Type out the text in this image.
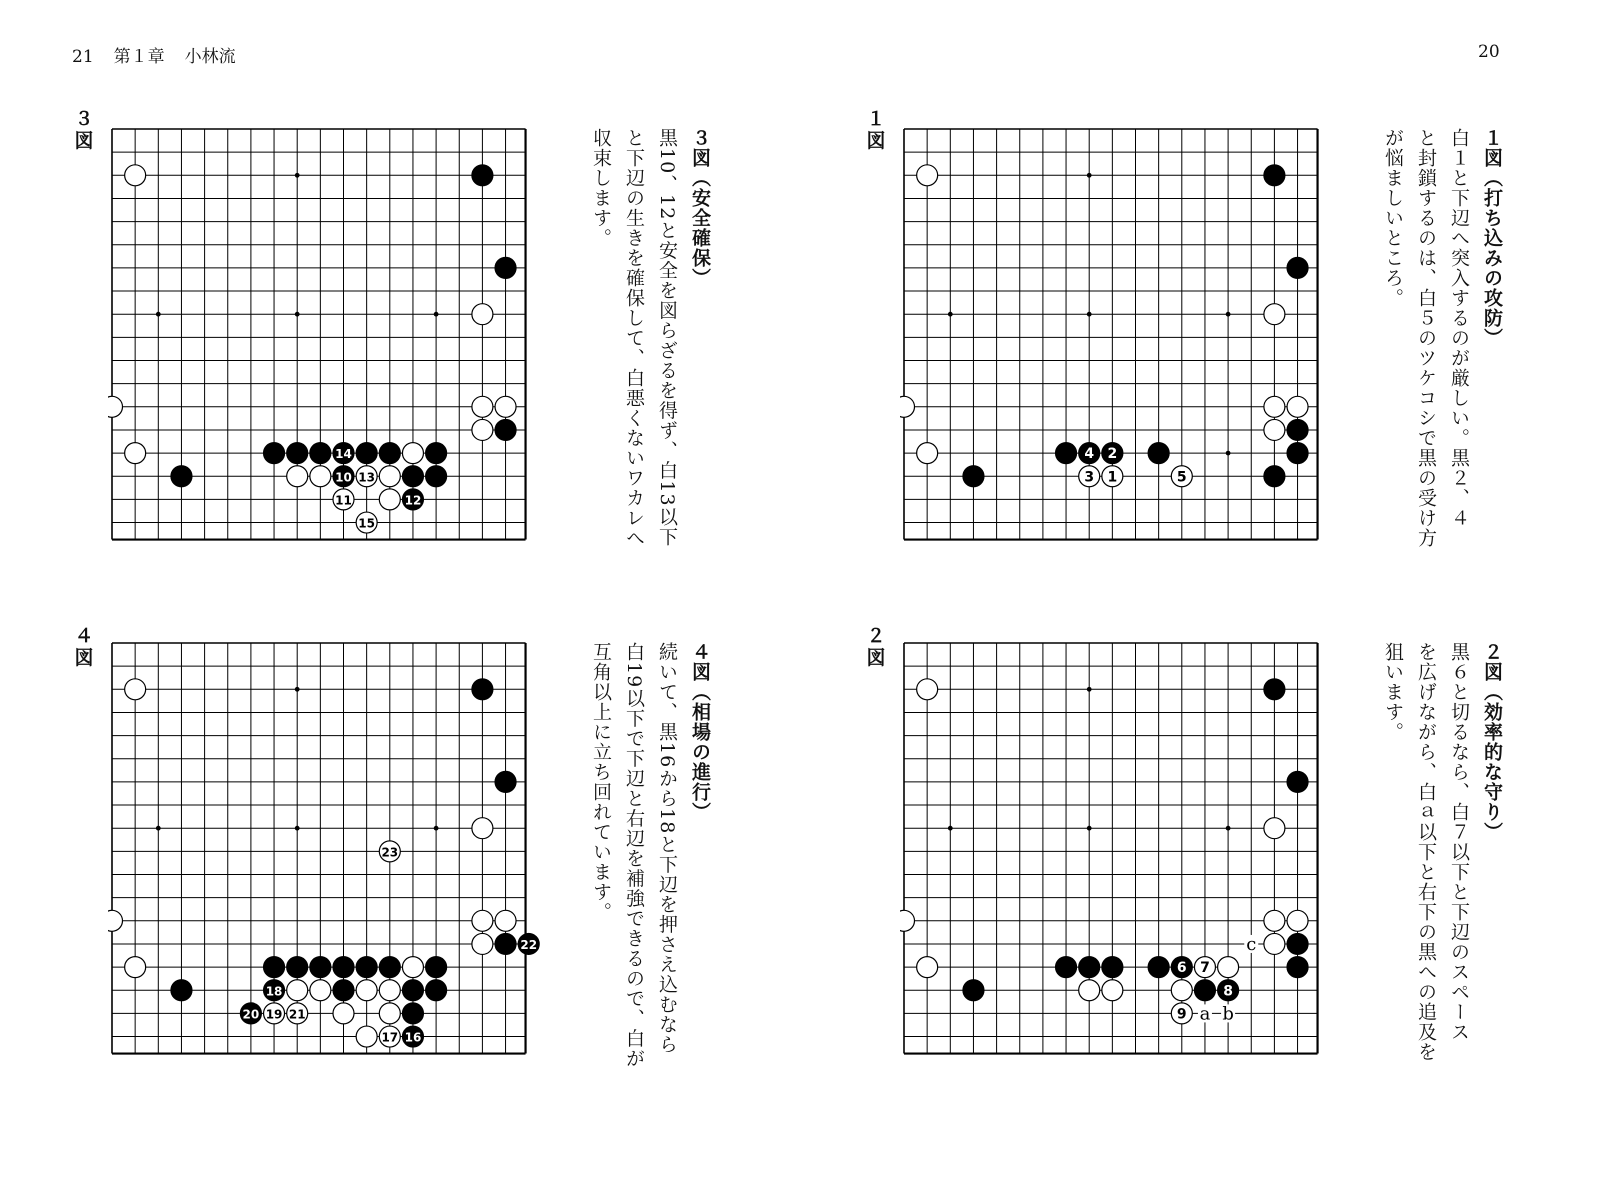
21 第１章 小林流	20
３
図
14
10 13
11	12
15

３図（安全確保）

黒10、12と安全を図らざるを得ず、白13以下

と下辺の生きを確保して、白悪くないワカレへ

収束します。

１
図
4 2
3 1	5

１図（打ち込みの攻防）

白１と下辺へ突入するのが厳しい。黒２、４

と封鎖するのは、白５のツケコシで黒の受け方

が悩ましいところ。

４
図
23
22
18
20 19 21
17 16

４図（相場の進行）

続いて、黒16から18と下辺を押さえ込むなら

白19以下で下辺と右辺を補強できるので、白が

互角以上に立ち回れています。

２
図
6 7
8
9 a b
c

２図（効率的な守り）

黒６と切るなら、白７以下と下辺のスペース

を広げながら、白ａ以下と右下の黒への追及を

狙います。
